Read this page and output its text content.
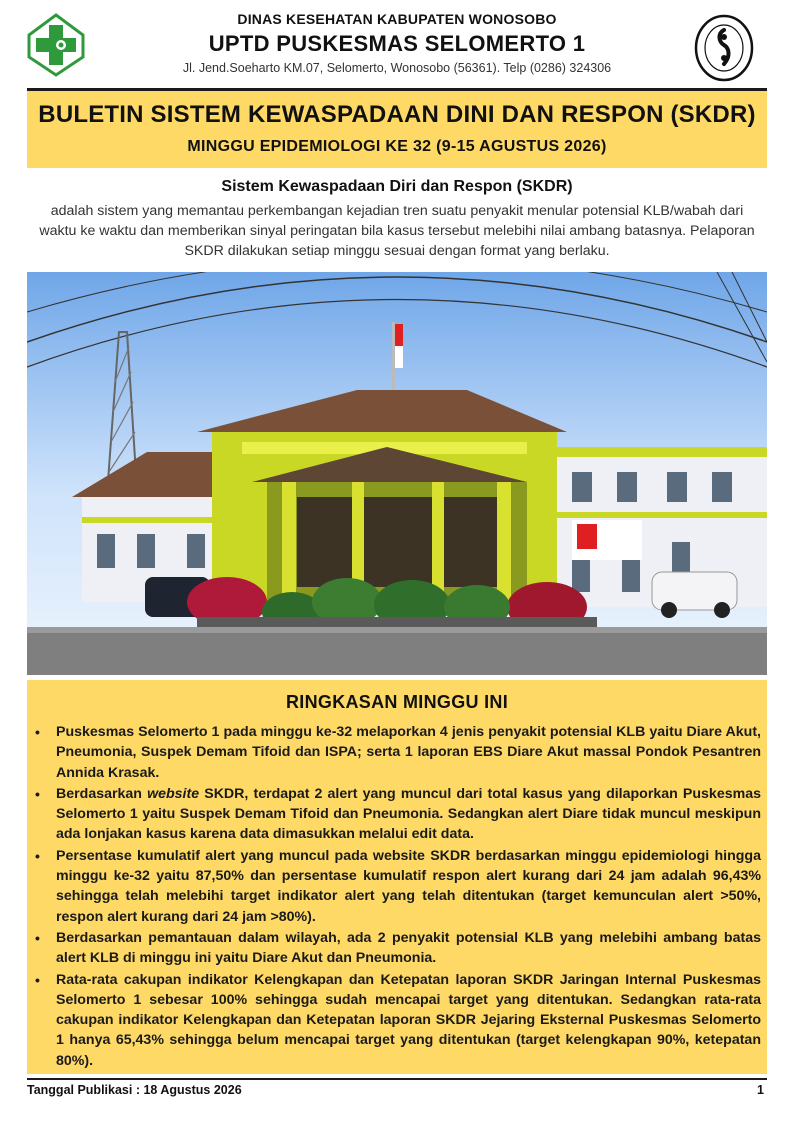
DINAS KESEHATAN KABUPATEN WONOSOBO
UPTD PUSKESMAS SELOMERTO 1
Jl. Jend.Soeharto KM.07, Selomerto, Wonosobo (56361). Telp (0286) 324306
BULETIN SISTEM KEWASPADAAN DINI DAN RESPON (SKDR)
MINGGU EPIDEMIOLOGI KE 32 (9-15 AGUSTUS 2026)
Sistem Kewaspadaan Diri dan Respon (SKDR)
adalah sistem yang memantau perkembangan kejadian tren suatu penyakit menular potensial KLB/wabah dari waktu ke waktu dan memberikan sinyal peringatan bila kasus tersebut melebihi nilai ambang batasnya. Pelaporan SKDR dilakukan setiap minggu sesuai dengan format yang berlaku.
RINGKASAN MINGGU INI
• Puskesmas Selomerto 1 pada minggu ke-32 melaporkan 4 jenis penyakit potensial KLB yaitu Diare Akut, Pneumonia, Suspek Demam Tifoid dan ISPA; serta 1 laporan EBS Diare Akut massal Pondok Pesantren Annida Krasak.
• Berdasarkan website SKDR, terdapat 2 alert yang muncul dari total kasus yang dilaporkan Puskesmas Selomerto 1 yaitu Suspek Demam Tifoid dan Pneumonia. Sedangkan alert Diare tidak muncul meskipun ada lonjakan kasus karena data dimasukkan melalui edit data.
• Persentase kumulatif alert yang muncul pada website SKDR berdasarkan minggu epidemiologi hingga minggu ke-32 yaitu 87,50% dan persentase kumulatif respon alert kurang dari 24 jam adalah 96,43% sehingga telah melebihi target indikator alert yang telah ditentukan (target kemunculan alert >50%, respon alert kurang dari 24 jam >80%).
• Berdasarkan pemantauan dalam wilayah, ada 2 penyakit potensial KLB yang melebihi ambang batas alert KLB di minggu ini yaitu Diare Akut dan Pneumonia.
• Rata-rata cakupan indikator Kelengkapan dan Ketepatan laporan SKDR Jaringan Internal Puskesmas Selomerto 1 sebesar 100% sehingga sudah mencapai target yang ditentukan. Sedangkan rata-rata cakupan indikator Kelengkapan dan Ketepatan laporan SKDR Jejaring Eksternal Puskesmas Selomerto 1 hanya 65,43% sehingga belum mencapai target yang ditentukan (target kelengkapan 90%, ketepatan 80%).
Tanggal Publikasi : 18 Agustus 2026	1
